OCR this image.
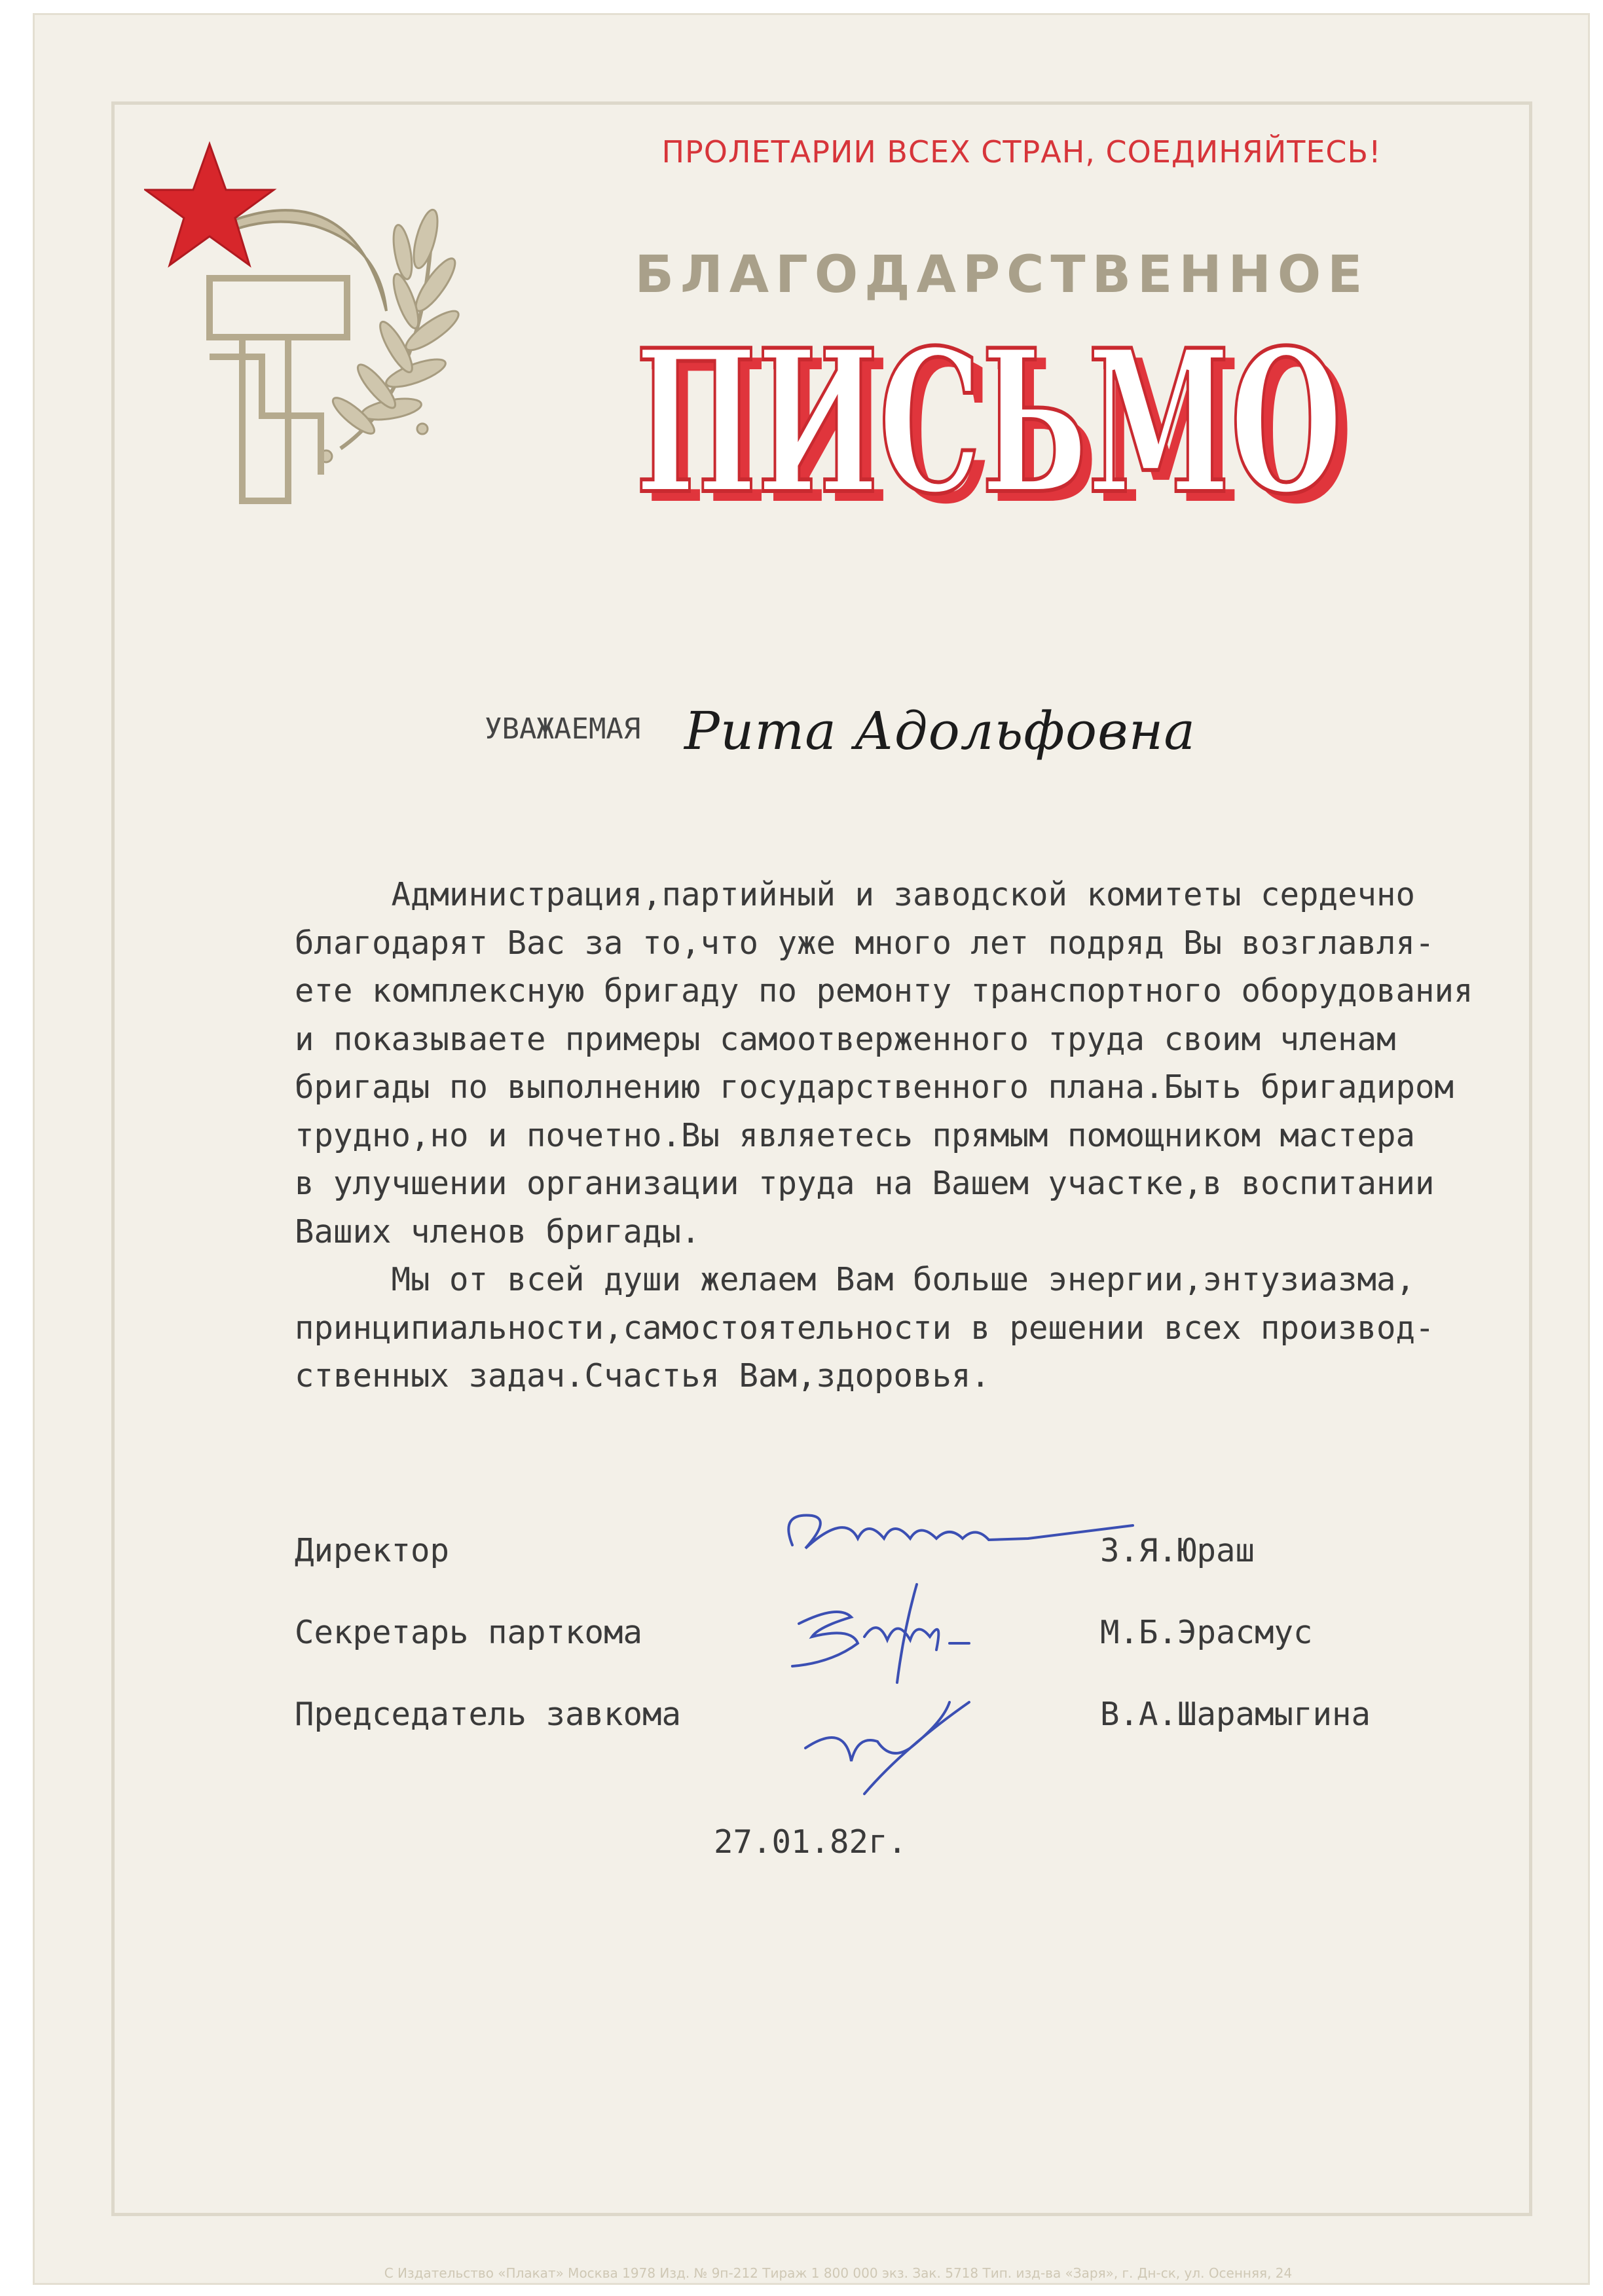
ПРОЛЕТАРИИ ВСЕХ СТРАН, СОЕДИНЯЙТЕСЬ!
БЛАГОДАРСТВЕННОЕ
ПИСЬМО
ПИСЬМО
УВАЖАЕМАЯ Рита Адольфовна

Администрация,партийный и заводской комитеты сердечно

благодарят Вас за то,что уже много лет подряд Вы возглавля-

ете комплексную бригаду по ремонту транспортного оборудования

и показываете примеры самоотверженного труда своим членам

бригады по выполнению государственного плана.Быть бригадиром

трудно,но и почетно.Вы являетесь прямым помощником мастера

в улучшении организации труда на Вашем участке,в воспитании

Ваших членов бригады.

Мы от всей души желаем Вам больше энергии,энтузиазма,

принципиальности,самостоятельности в решении всех производ-

ственных задач.Счастья Вам,здоровья.

Директор	З.Я.Юраш
Секретарь парткома	М.Б.Эрасмус
Председатель завкома	В.А.Шарамыгина
27.01.82г.
С Издательство «Плакат» Москва 1978 Изд. № 9п-212 Тираж 1 800 000 экз. Зак. 5718 Тип. изд-ва «Заря», г. Дн-ск, ул. Осенняя, 24
